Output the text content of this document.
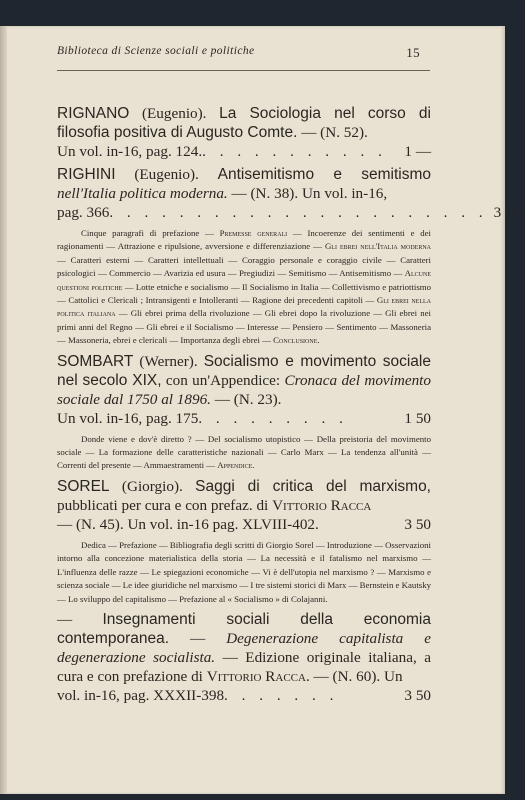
Biblioteca di Scienze sociali e politiche	15
RIGNANO (Eugenio). La Sociologia nel corso di filosofia positiva di Augusto Comte. — (N. 52).
Un vol. in-16, pag. 124. . . . . . . . . . . .	1 —
RIGHINI (Eugenio). Antisemitismo e semitismo nell'Italia politica moderna. — (N. 38). Un vol. in-16,
pag. 366 . . . . . . . . . . . . . . . . . . . . . . 3 —
Cinque paragrafi di prefazione — Premesse generali — Incoerenze dei sentimenti e dei ragionamenti — Attrazione e ripulsione, avversione e differenziazione — Gli ebrei nell'Italia moderna — Caratteri esterni — Caratteri intellettuali — Coraggio personale e coraggio civile — Caratteri psicologici — Commercio — Avarizia ed usura — Pregiudizi — Semitismo — Antisemitismo — Alcune questioni politiche — Lotte etniche e socialismo — Il Socialismo in Italia — Collettivismo e patriottismo — Cattolici e Clericali ; Intransigenti e Intolleranti — Ragione dei precedenti capitoli — Gli ebrei nella politica italiana — Gli ebrei prima della rivoluzione — Gli ebrei dopo la rivoluzione — Gli ebrei nei primi anni del Regno — Gli ebrei e il Socialismo — Interesse — Pensiero — Sentimento — Massoneria — Massoneria, ebrei e clericali — Importanza degli ebrei — Conclusione.
SOMBART (Werner). Socialismo e movimento sociale nel secolo XIX, con un'Appendice: Cronaca del movimento sociale dal 1750 al 1896. — (N. 23).
Un vol. in-16, pag. 175 . . . . . . . . .	1 50
Donde viene e dov'è diretto ? — Del socialismo utopistico — Della preistoria del movimento sociale — La formazione delle caratteristiche nazionali — Carlo Marx — La tendenza all'unità — Correnti del presente — Ammaestramenti — Appendice.
SOREL (Giorgio). Saggi di critica del marxismo, pubblicati per cura e con prefaz. di Vittorio Racca
— (N. 45). Un vol. in-16 pag. XLVIII-402 .	3 50
Dedica — Prefazione — Bibliografia degli scritti di Giorgio Sorel — Introduzione — Osservazioni intorno alla concezione materialistica della storia — La necessità e il fatalismo nel marxismo — L'influenza delle razze — Le spiegazioni economiche — Vi è dell'utopia nel marxismo ? — Marxismo e scienza sociale — Le idee giuridiche nel marxismo — I tre sistemi storici di Marx — Bernstein e Kautsky — Lo sviluppo del capitalismo — Prefazione al « Socialismo » di Colajanni.
— Insegnamenti sociali della economia contemporanea. — Degenerazione capitalista e degenerazione socialista. — Edizione originale italiana, a cura e con prefazione di Vittorio Racca. — (N. 60). Un
vol. in-16, pag. XXXII-398 . . . . . . .	3 50
